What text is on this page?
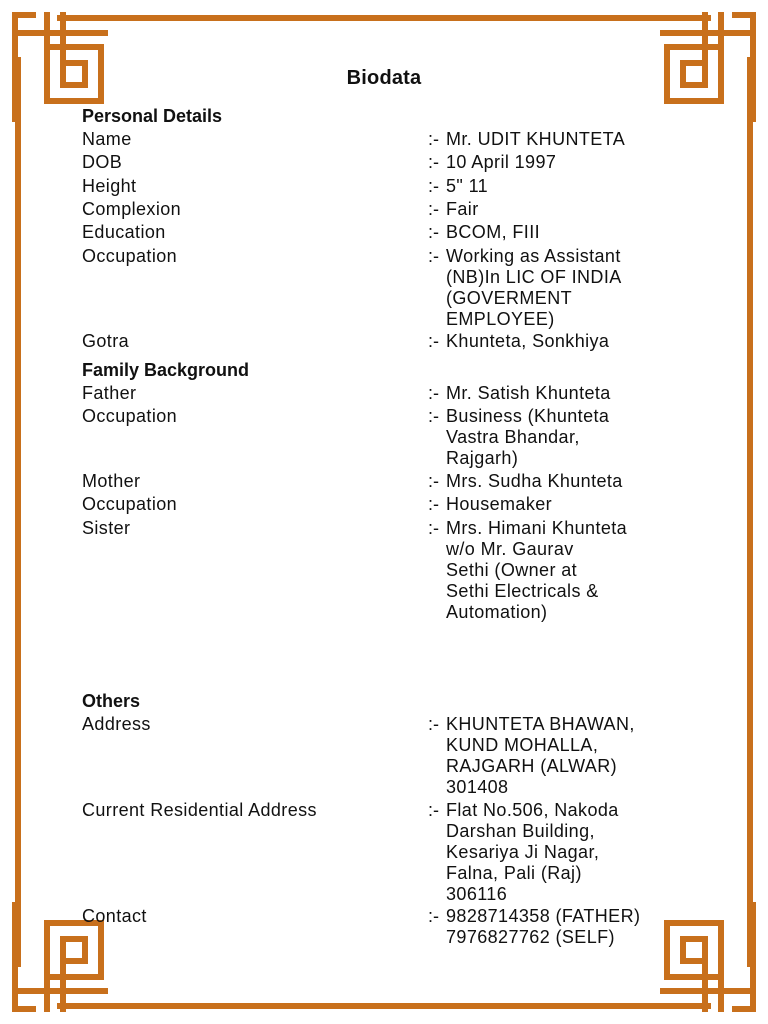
Biodata
Personal Details
Name	:- Mr. UDIT KHUNTETA
DOB	:- 10 April 1997
Height	:- 5" 11
Complexion	:- Fair
Education	:- BCOM, FIII
Occupation	:- Working as Assistant
(NB)In LIC OF INDIA
(GOVERMENT
EMPLOYEE)
Gotra	:- Khunteta, Sonkhiya
Family Background
Father	:- Mr. Satish Khunteta
Occupation	:- Business (Khunteta
Vastra Bhandar,
Rajgarh)
Mother	:- Mrs. Sudha Khunteta
Occupation	:- Housemaker
Sister	:- Mrs. Himani Khunteta
w/o Mr. Gaurav
Sethi (Owner at
Sethi Electricals &
Automation)
Others
Address	:- KHUNTETA BHAWAN,
KUND MOHALLA,
RAJGARH (ALWAR)
301408
Current Residential Address	:- Flat No.506, Nakoda
Darshan Building,
Kesariya Ji Nagar,
Falna, Pali (Raj)
306116
Contact	:- 9828714358 (FATHER)
7976827762 (SELF)
